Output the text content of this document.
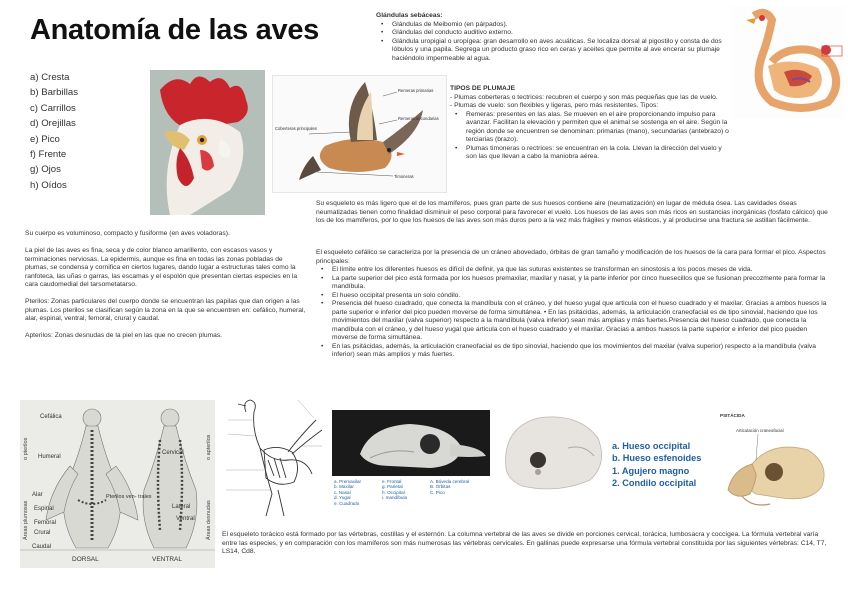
Anatomía de las aves
a) Cresta
b) Barbillas
c) Carrillos
d) Orejillas
e) Pico
f) Frente
g) Ojos
h) Oídos
Remeras primarias
Remeras secundarias
Coberteras principales
Timoneras
Glándulas sebáceas:
• Glándulas de Meibomio (en párpados).
• Glándulas del conducto auditivo externo.
• Glándula uropigial o uropígea: gran desarrollo en aves acuáticas. Se localiza dorsal al pigostilo y consta de dos lóbulos y una papila. Segrega un producto graso rico en ceras y aceites que permite al ave encerar su plumaje haciéndolo impermeable al agua.
TIPOS DE PLUMAJE
- Plumas coberteras o tectrices: recubren el cuerpo y son más pequeñas que las de vuelo.
- Plumas de vuelo: son flexibles y ligeras, pero más resistentes. Tipos:
• Remeras: presentes en las alas. Se mueven en el aire proporcionando impulso para avanzar. Facilitan la elevación y permiten que el animal se sostenga en el aire. Según la región donde se encuentren se denominan: primarias (mano), secundarias (antebrazo) o terciarias (brazo).
• Plumas timoneras o rectrices: se encuentran en la cola. Llevan la dirección del vuelo y son las que llevan a cabo la maniobra aérea.

Su esqueleto es más ligero que el de los mamíferos, pues gran parte de sus huesos contiene aire (neumatización) en lugar de médula ósea. Las cavidades óseas neumatizadas tienen como finalidad disminuir el peso corporal para favorecer el vuelo. Los huesos de las aves son más ricos en sustancias inorgánicas (fosfato cálcico) que los de los mamíferos, por lo que los huesos de las aves son más duros pero a la vez más frágiles y menos elásticos, y al producirse una fractura se astillan fácilmente.

El esqueleto cefálico se caracteriza por la presencia de un cráneo abovedado, órbitas de gran tamaño y modificación de los huesos de la cara para formar el pico. Aspectos principales:
• El límite entre los diferentes huesos es difícil de definir, ya que las suturas existentes se transforman en sinostosis a los pocos meses de vida.
• La parte superior del pico está formada por los huesos premaxilar, maxilar y nasal, y la parte inferior por cinco huesecillos que se fusionan precozmente para formar la mandíbula.
• El hueso occipital presenta un solo cóndilo.
• Presencia del hueso cuadrado, que conecta la mandíbula con el cráneo, y del hueso yugal que articula con el hueso cuadrado y el maxilar. Gracias a ambos huesos la parte superior e inferior del pico pueden moverse de forma simultánea. • En las psitácidas, además, la articulación craneofacial es de tipo sinovial, haciendo que los movimientos del maxilar (valva superior) respecto a la mandíbula (valva inferior) sean más amplias y más fuertes.Presencia del hueso cuadrado, que conecta la mandíbula con el cráneo, y del hueso yugal que articula con el hueso cuadrado y el maxilar. Gracias a ambos huesos la parte superior e inferior del pico pueden moverse de forma simultánea.
• En las psitácidas, además, la articulación craneofacial es de tipo sinovial, haciendo que los movimientos del maxilar (valva superior) respecto a la mandíbula (valva inferior) sean más amplios y más fuertes.

Su cuerpo es voluminoso, compacto y fusiforme (en aves voladoras).

La piel de las aves es fina, seca y de color blanco amarillento, con escasos vasos y terminaciones nerviosas. La epidermis, aunque es fina en todas las zonas pobladas de plumas, se condensa y cornifica en ciertos lugares, dando lugar a estructuras tales como la ranfoteca, las uñas o garras, las escamas y el espolón que presentan ciertas especies en la cara caudomedial del tarsometatarso.

Pterilos: Zonas particulares del cuerpo donde se encuentran las papilas que dan origen a las plumas. Los pterilos se clasifican según la zona en la que se encuentren en: cefálico, humeral, alar, espinal, ventral, femoral, crural y caudal.

Apterilos: Zonas desnudas de la piel en las que no crecen plumas.

Cefálica
Humeral
Alar
Espinal
Femoral
Crural
Caudal
Cervical
Lateral
Ventral
Pterilos ven- trales
o pterilos
Áreas plumosas
o apterilos
Áreas desnudas
DORSAL	VENTRAL
a. Premaxilar
b. Maxilar
c. Nasal
d. Yugal
e. Cuadrado
e. Frontal
g. Parietal
h. Occipital
i. mandíbula
A. Bóveda cerebral
B. Órbitas
C. Pico
a. Hueso occipital
b. Hueso esfenoides
1. Agujero magno
2. Condilo occipital
PSITÁCIDA
Articulación craneofacial

El esqueleto torácico está formado por las vértebras, costillas y el esternón. La columna vertebral de las aves se divide en porciones cervical, torácica, lumbosacra y coccígea. La fórmula vertebral varía entre las especies, y en comparación con los mamíferos son más numerosas las vértebras cervicales. En gallinas puede expresarse una fórmula vertebral constituida por las siguientes vértebras: C14, T7, LS14, Cd8.
